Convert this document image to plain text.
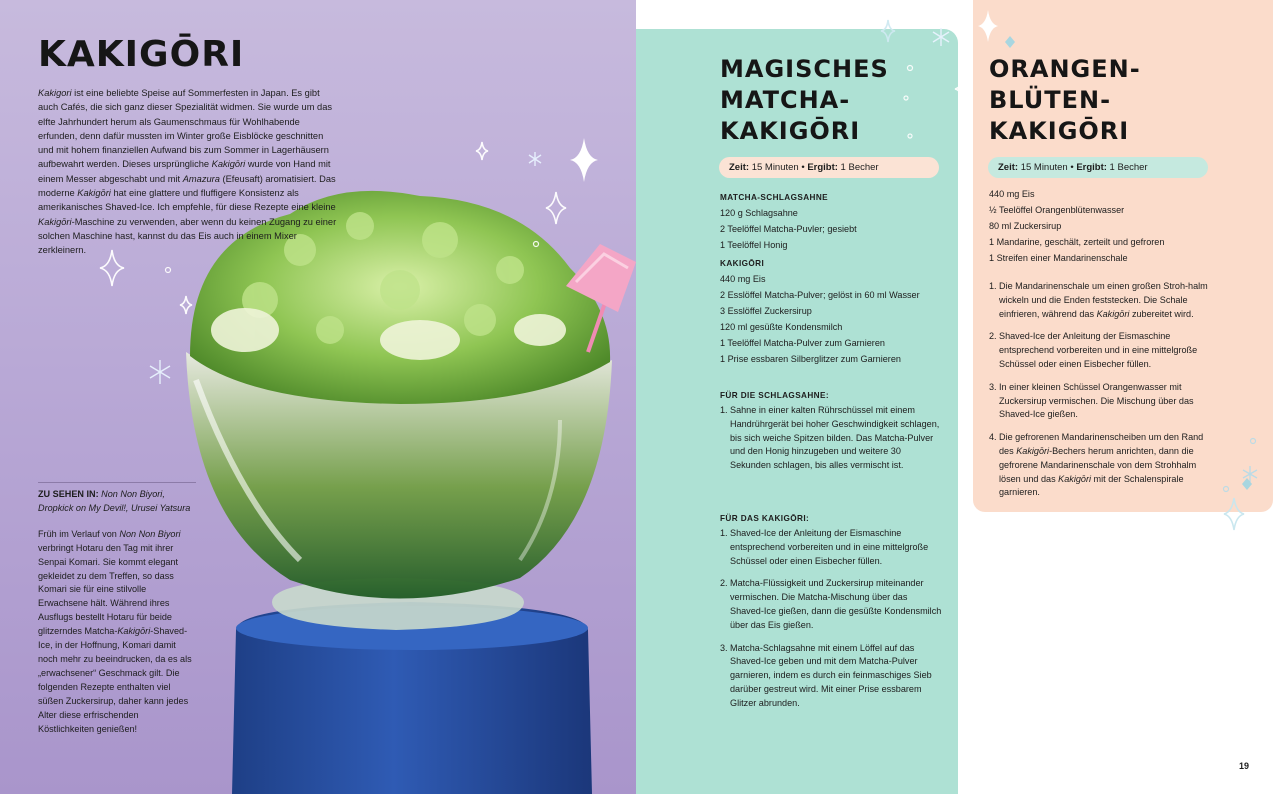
KAKIGŌRI

Kakigori ist eine beliebte Speise auf Sommerfesten in Japan. Es gibt auch Cafés, die sich ganz dieser Spezialität widmen. Sie wurde um das elfte Jahrhundert herum als Gaumenschmaus für Wohlhabende erfunden, denn dafür mussten im Winter große Eisblöcke geschnitten und mit hohem finanziellen Aufwand bis zum Sommer in Lagerhäusern aufbewahrt werden. Dieses ursprüngliche Kakigōri wurde von Hand mit einem Messer abgeschabt und mit Amazura (Efeusaft) aromatisiert. Das moderne Kakigōri hat eine glattere und fluffigere Konsistenz als amerikanisches Shaved-Ice. Ich empfehle, für diese Rezepte eine kleine Kakigōri-Maschine zu verwenden, aber wenn du keinen Zugang zu einer solchen Maschine hast, kannst du das Eis auch in einem Mixer zerkleinern.

ZU SEHEN IN: Non Non Biyori, Dropkick on My Devil!, Urusei Yatsura

Früh im Verlauf von Non Non Biyori verbringt Hotaru den Tag mit ihrer Senpai Komari. Sie kommt elegant gekleidet zu dem Treffen, so dass Komari sie für eine stilvolle Erwachsene hält. Während ihres Ausflugs bestellt Hotaru für beide glitzerndes Matcha-Kakigōri-Shaved-Ice, in der Hoffnung, Komari damit noch mehr zu beeindrucken, da es als „erwachsener“ Geschmack gilt. Die folgenden Rezepte enthalten viel süßen Zuckersirup, daher kann jedes Alter diese erfrischenden Köstlichkeiten genießen!

MAGISCHES
MATCHA-
KAKIGŌRI
Zeit: 15 Minuten • Ergibt: 1 Becher
MATCHA-SCHLAGSAHNE
120 g Schlagsahne
2 Teelöffel Matcha-Puvler; gesiebt
1 Teelöffel Honig
KAKIGŌRI
440 mg Eis
2 Esslöffel Matcha-Pulver; gelöst in 60 ml Wasser
3 Esslöffel Zuckersirup
120 ml gesüßte Kondensmilch
1 Teelöffel Matcha-Pulver zum Garnieren
1 Prise essbaren Silberglitzer zum Garnieren
FÜR DIE SCHLAGSAHNE:
1. Sahne in einer kalten Rührschüssel mit einem Handrührgerät bei hoher Geschwindigkeit schlagen, bis sich weiche Spitzen bilden. Das Matcha-Pulver und den Honig hinzugeben und weitere 30 Sekunden schlagen, bis alles vermischt ist.
FÜR DAS KAKIGŌRI:
1. Shaved-Ice der Anleitung der Eismaschine entsprechend vorbereiten und in eine mittelgroße Schüssel oder einen Eisbecher füllen.
2. Matcha-Flüssigkeit und Zuckersirup miteinander vermischen. Die Matcha-Mischung über das Shaved-Ice gießen, dann die gesüßte Kondensmilch über das Eis gießen.
3. Matcha-Schlagsahne mit einem Löffel auf das Shaved-Ice geben und mit dem Matcha-Pulver garnieren, indem es durch ein feinmaschiges Sieb darüber gestreut wird. Mit einer Prise essbarem Glitzer abrunden.
ORANGEN-
BLÜTEN-
KAKIGŌRI
Zeit: 15 Minuten • Ergibt: 1 Becher
440 mg Eis
½ Teelöffel Orangenblütenwasser
80 ml Zuckersirup
1 Mandarine, geschält, zerteilt und gefroren
1 Streifen einer Mandarinenschale
1. Die Mandarinenschale um einen großen Stroh-halm wickeln und die Enden feststecken. Die Schale einfrieren, während das Kakigōri zubereitet wird.
2. Shaved-Ice der Anleitung der Eismaschine entsprechend vorbereiten und in eine mittelgroße Schüssel oder einen Eisbecher füllen.
3. In einer kleinen Schüssel Orangenwasser mit Zuckersirup vermischen. Die Mischung über das Shaved-Ice gießen.
4. Die gefrorenen Mandarinenscheiben um den Rand des Kakigōri-Bechers herum anrichten, dann die gefrorene Mandarinenschale von dem Strohhalm lösen und das Kakigōri mit der Schalenspirale garnieren.
19
